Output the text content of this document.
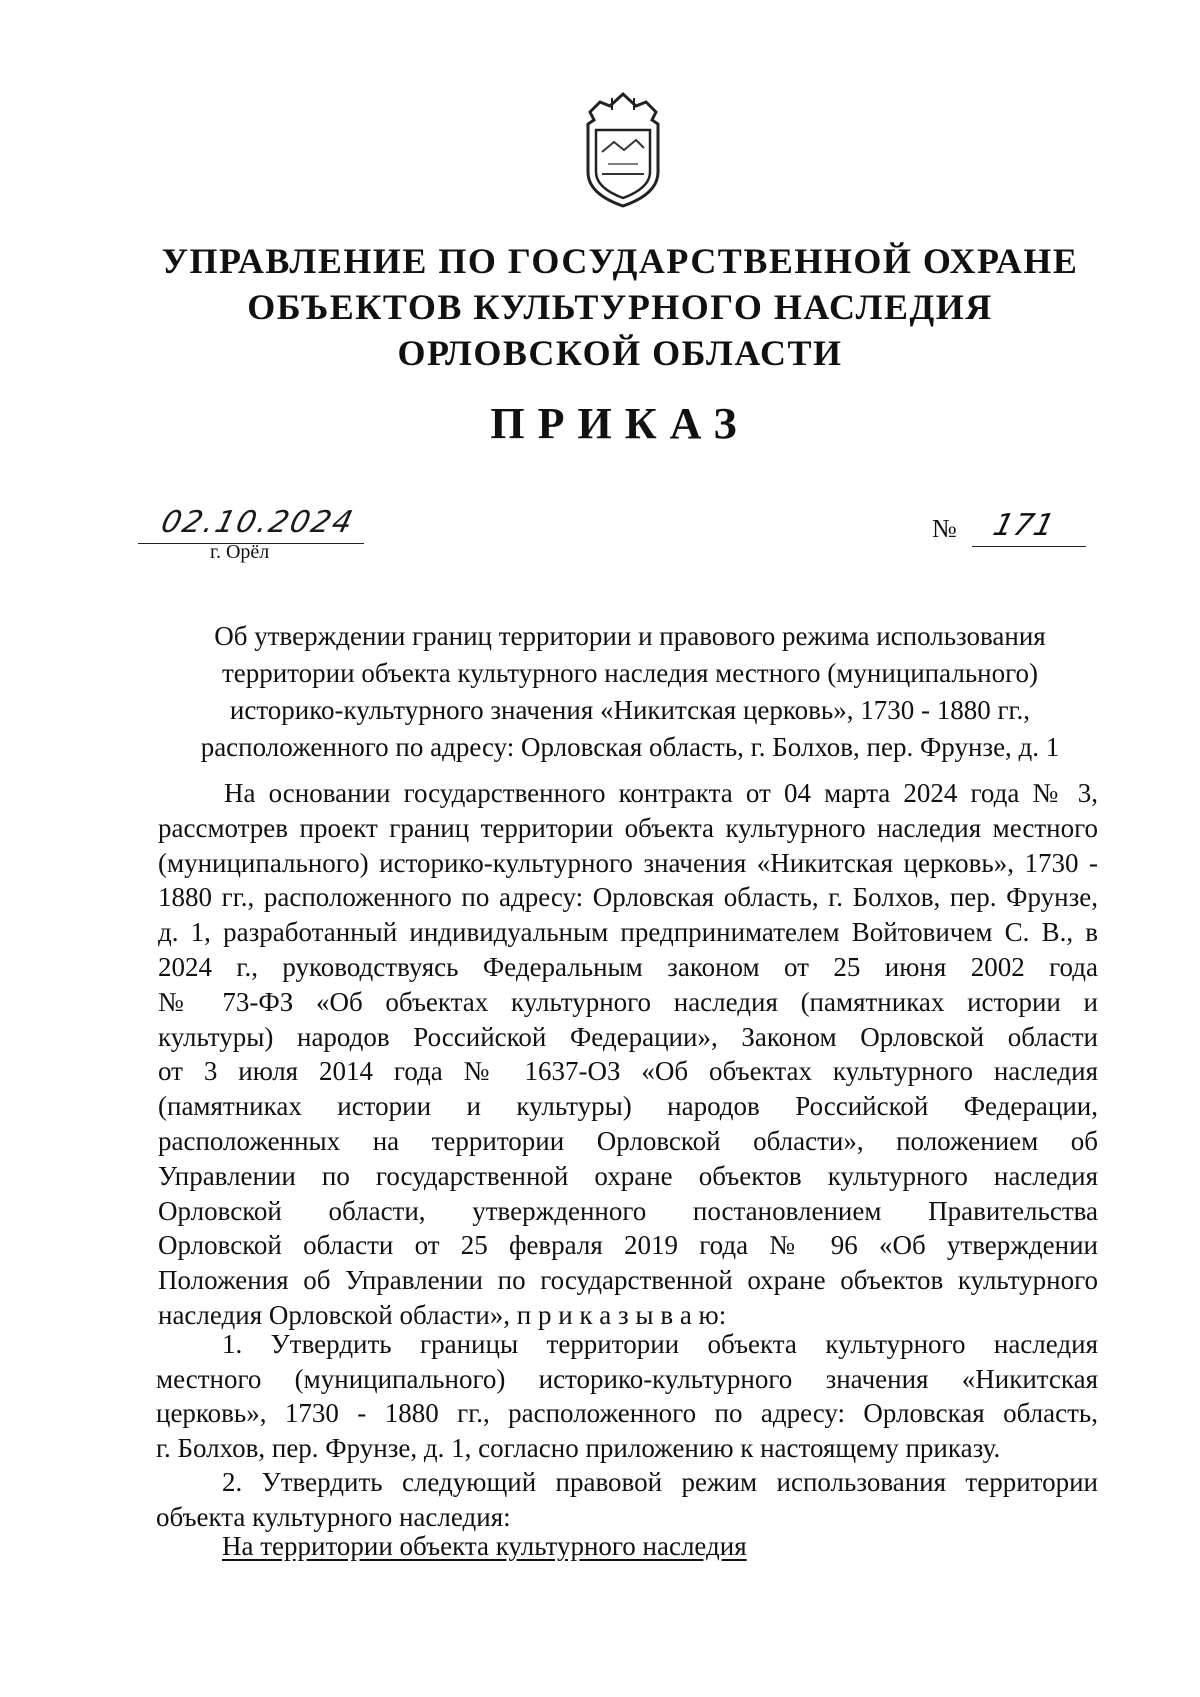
УПРАВЛЕНИЕ ПО ГОСУДАРСТВЕННОЙ ОХРАНЕ
ОБЪЕКТОВ КУЛЬТУРНОГО НАСЛЕДИЯ
ОРЛОВСКОЙ ОБЛАСТИ
ПРИКАЗ
02.10.2024
г. Орёл
№ 171
Об утверждении границ территории и правового режима использования
территории объекта культурного наследия местного (муниципального)
историко-культурного значения «Никитская церковь», 1730 - 1880 гг.,
расположенного по адресу: Орловская область, г. Болхов, пер. Фрунзе, д. 1
На основании государственного контракта от 04 марта 2024 года № 3,
рассмотрев проект границ территории объекта культурного наследия местного
(муниципального) историко-культурного значения «Никитская церковь», 1730 -
1880 гг., расположенного по адресу: Орловская область, г. Болхов, пер. Фрунзе,
д. 1, разработанный индивидуальным предпринимателем Войтовичем С. В., в
2024 г., руководствуясь Федеральным законом от 25 июня 2002 года
№ 73-ФЗ «Об объектах культурного наследия (памятниках истории и
культуры) народов Российской Федерации», Законом Орловской области
от 3 июля 2014 года № 1637-ОЗ «Об объектах культурного наследия
(памятниках истории и культуры) народов Российской Федерации,
расположенных на территории Орловской области», положением об
Управлении по государственной охране объектов культурного наследия
Орловской области, утвержденного постановлением Правительства
Орловской области от 25 февраля 2019 года № 96 «Об утверждении
Положения об Управлении по государственной охране объектов культурного
наследия Орловской области», п р и к а з ы в а ю:
1. Утвердить границы территории объекта культурного наследия
местного (муниципального) историко-культурного значения «Никитская
церковь», 1730 - 1880 гг., расположенного по адресу: Орловская область,
г. Болхов, пер. Фрунзе, д. 1, согласно приложению к настоящему приказу.
2. Утвердить следующий правовой режим использования территории
объекта культурного наследия:
На территории объекта культурного наследия
